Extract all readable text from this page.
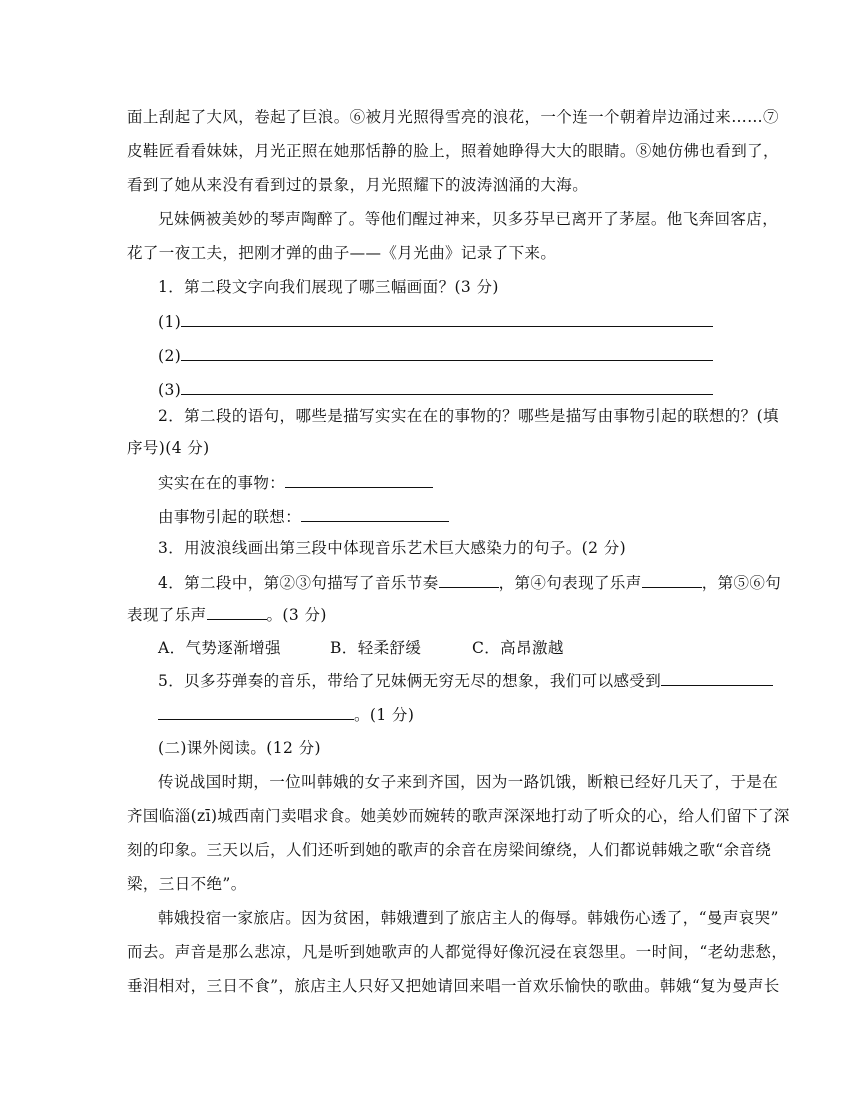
面上刮起了大风，卷起了巨浪。⑥被月光照得雪亮的浪花，一个连一个朝着岸边涌过来……⑦
皮鞋匠看看妹妹，月光正照在她那恬静的脸上，照着她睁得大大的眼睛。⑧她仿佛也看到了，
看到了她从来没有看到过的景象，月光照耀下的波涛汹涌的大海。
兄妹俩被美妙的琴声陶醉了。等他们醒过神来，贝多芬早已离开了茅屋。他飞奔回客店，
花了一夜工夫，把刚才弹的曲子——《月光曲》记录了下来。
1．第二段文字向我们展现了哪三幅画面？(3 分)
(1)
(2)
(3)
2．第二段的语句，哪些是描写实实在在的事物的？哪些是描写由事物引起的联想的？(填
序号)(4 分)
实实在在的事物：
由事物引起的联想：
3．用波浪线画出第三段中体现音乐艺术巨大感染力的句子。(2 分)
4．第二段中，第②③句描写了音乐节奏	，第④句表现了乐声	，第⑤⑥句
表现了乐声	。(3 分)
A．气势逐渐增强	B．轻柔舒缓	C．高昂激越
5．贝多芬弹奏的音乐，带给了兄妹俩无穷无尽的想象，我们可以感受到
。(1 分)
(二)课外阅读。(12 分)
传说战国时期，一位叫韩娥的女子来到齐国，因为一路饥饿，断粮已经好几天了，于是在
齐国临淄(zī)城西南门卖唱求食。她美妙而婉转的歌声深深地打动了听众的心，给人们留下了深
刻的印象。三天以后，人们还听到她的歌声的余音在房梁间缭绕，人们都说韩娥之歌“余音绕
梁，三日不绝”。
韩娥投宿一家旅店。因为贫困，韩娥遭到了旅店主人的侮辱。韩娥伤心透了，“曼声哀哭”
而去。声音是那么悲凉，凡是听到她歌声的人都觉得好像沉浸在哀怨里。一时间，“老幼悲愁，
垂泪相对，三日不食”，旅店主人只好又把她请回来唱一首欢乐愉快的歌曲。韩娥“复为曼声长
